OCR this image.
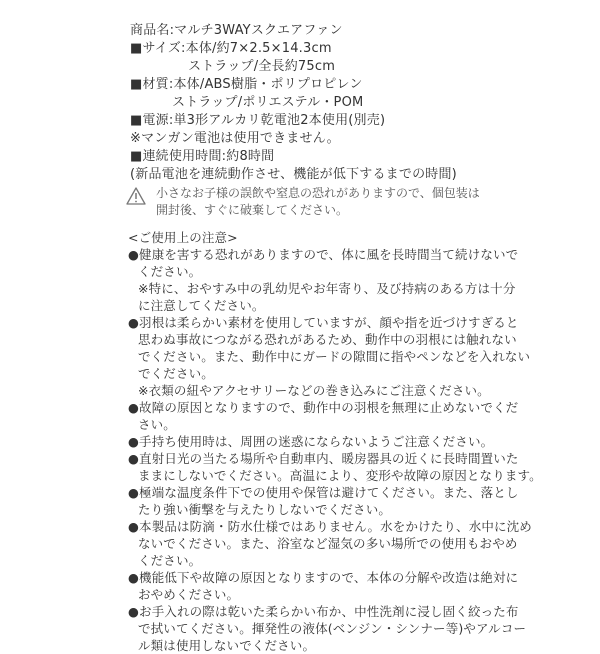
商品名:マルチ3WAYスクエアファン
■サイズ:本体/約7×2.5×14.3cm
ストラップ/全長約75cm
■材質:本体/ABS樹脂・ポリプロピレン
ストラップ/ポリエステル・POM
■電源:単3形アルカリ乾電池2本使用(別売)
※マンガン電池は使用できません。
■連続使用時間:約8時間
(新品電池を連続動作させ、機能が低下するまでの時間)
小さなお子様の誤飲や窒息の恐れがありますので、個包装は
開封後、すぐに破棄してください。
<ご使用上の注意>
●健康を害する恐れがありますので、体に風を長時間当て続けないで
ください。
※特に、おやすみ中の乳幼児やお年寄り、及び持病のある方は十分
に注意してください。
●羽根は柔らかい素材を使用していますが、顔や指を近づけすぎると
思わぬ事故につながる恐れがあるため、動作中の羽根には触れない
でください。また、動作中にガードの隙間に指やペンなどを入れない
でください。
※衣類の紐やアクセサリーなどの巻き込みにご注意ください。
●故障の原因となりますので、動作中の羽根を無理に止めないでくだ
さい。
●手持ち使用時は、周囲の迷惑にならないようご注意ください。
●直射日光の当たる場所や自動車内、暖房器具の近くに長時間置いた
ままにしないでください。高温により、変形や故障の原因となります。
●極端な温度条件下での使用や保管は避けてください。また、落とし
たり強い衝撃を与えたりしないでください。
●本製品は防滴・防水仕様ではありません。水をかけたり、水中に沈め
ないでください。また、浴室など湿気の多い場所での使用もおやめ
ください。
●機能低下や故障の原因となりますので、本体の分解や改造は絶対に
おやめください。
●お手入れの際は乾いた柔らかい布か、中性洗剤に浸し固く絞った布
で拭いてください。揮発性の液体(ベンジン・シンナー等)やアルコー
ル類は使用しないでください。
